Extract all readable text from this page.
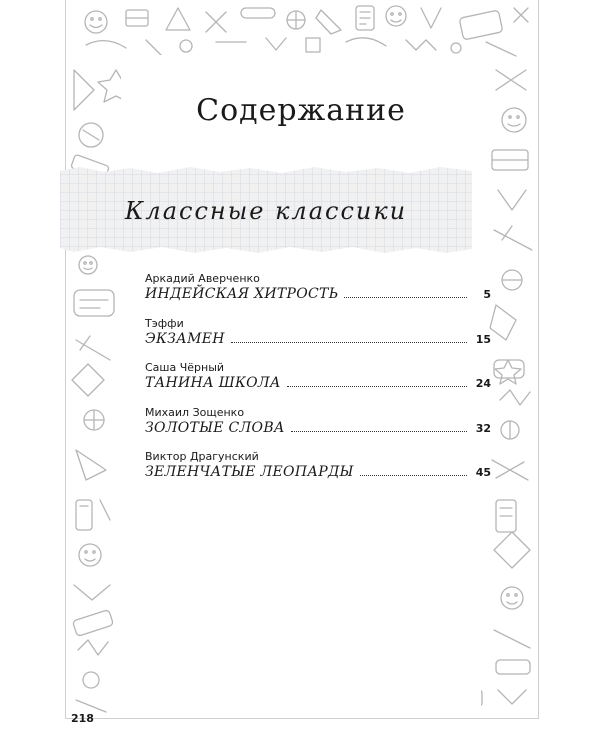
Содержание
Классные классики
Аркадий Аверченко
ИНДЕЙСКАЯ ХИТРОСТЬ	5
Тэффи
ЭКЗАМЕН	15
Саша Чёрный
ТАНИНА ШКОЛА	24
Михаил Зощенко
ЗОЛОТЫЕ СЛОВА	32
Виктор Драгунский
ЗЕЛЕНЧАТЫЕ ЛЕОПАРДЫ	45
218
